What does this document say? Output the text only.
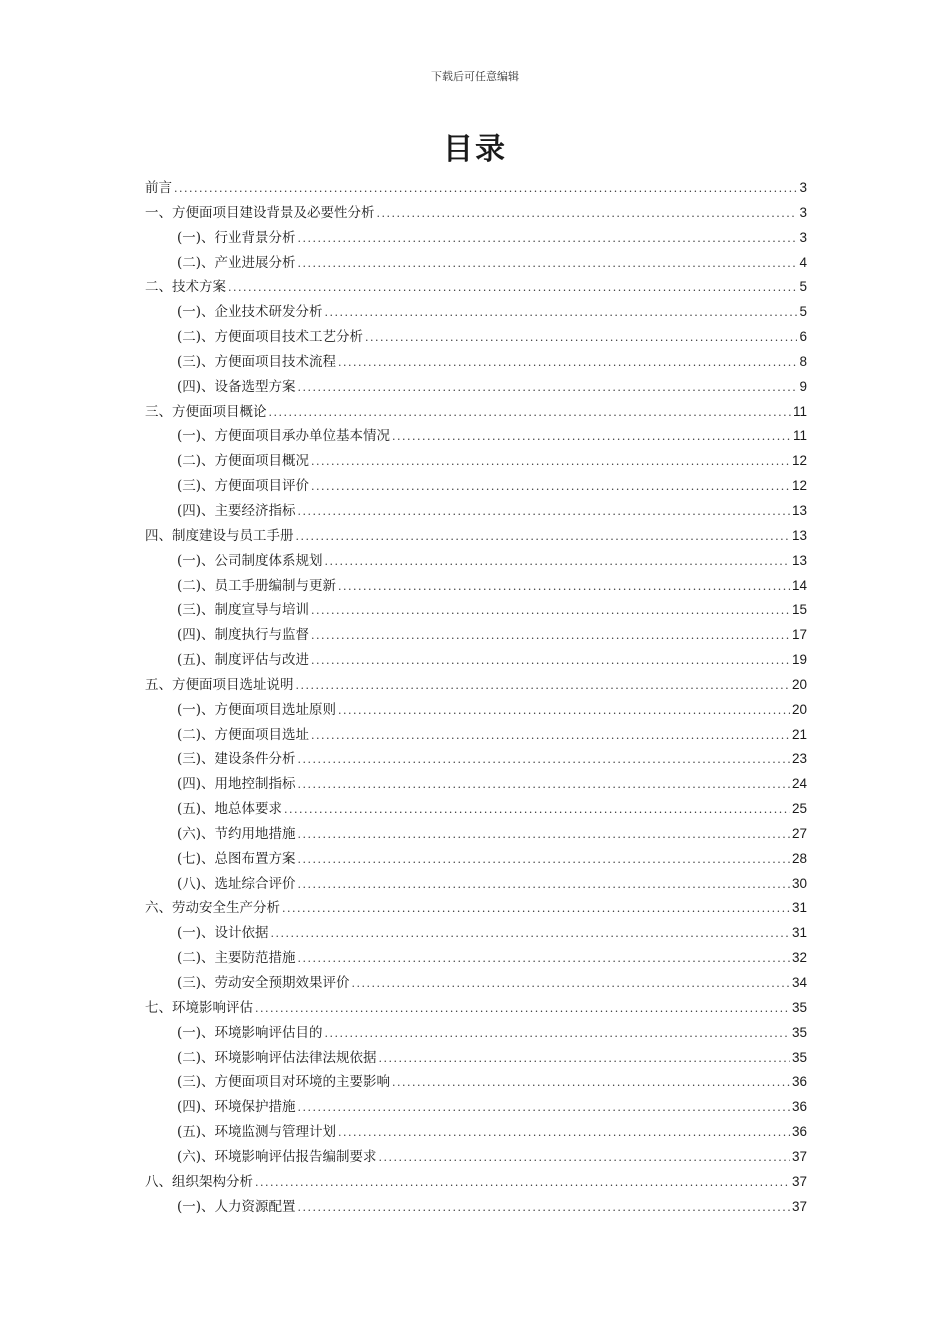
下载后可任意编辑
目录
前言 .....	3
一、方便面项目建设背景及必要性分析 .....	3
(一)、行业背景分析 .....	3
(二)、产业进展分析 .....	4
二、技术方案 .....	5
(一)、企业技术研发分析 .....	5
(二)、方便面项目技术工艺分析 .....	6
(三)、方便面项目技术流程 .....	8
(四)、设备选型方案 .....	9
三、方便面项目概论 .....	11
(一)、方便面项目承办单位基本情况 .....	11
(二)、方便面项目概况 .....	12
(三)、方便面项目评价 .....	12
(四)、主要经济指标 .....	13
四、制度建设与员工手册 .....	13
(一)、公司制度体系规划 .....	13
(二)、员工手册编制与更新 .....	14
(三)、制度宣导与培训 .....	15
(四)、制度执行与监督 .....	17
(五)、制度评估与改进 .....	19
五、方便面项目选址说明 .....	20
(一)、方便面项目选址原则 .....	20
(二)、方便面项目选址 .....	21
(三)、建设条件分析 .....	23
(四)、用地控制指标 .....	24
(五)、地总体要求 .....	25
(六)、节约用地措施 .....	27
(七)、总图布置方案 .....	28
(八)、选址综合评价 .....	30
六、劳动安全生产分析 .....	31
(一)、设计依据 .....	31
(二)、主要防范措施 .....	32
(三)、劳动安全预期效果评价 .....	34
七、环境影响评估 .....	35
(一)、环境影响评估目的 .....	35
(二)、环境影响评估法律法规依据 .....	35
(三)、方便面项目对环境的主要影响 .....	36
(四)、环境保护措施 .....	36
(五)、环境监测与管理计划 .....	36
(六)、环境影响评估报告编制要求 .....	37
八、组织架构分析 .....	37
(一)、人力资源配置 .....	37
